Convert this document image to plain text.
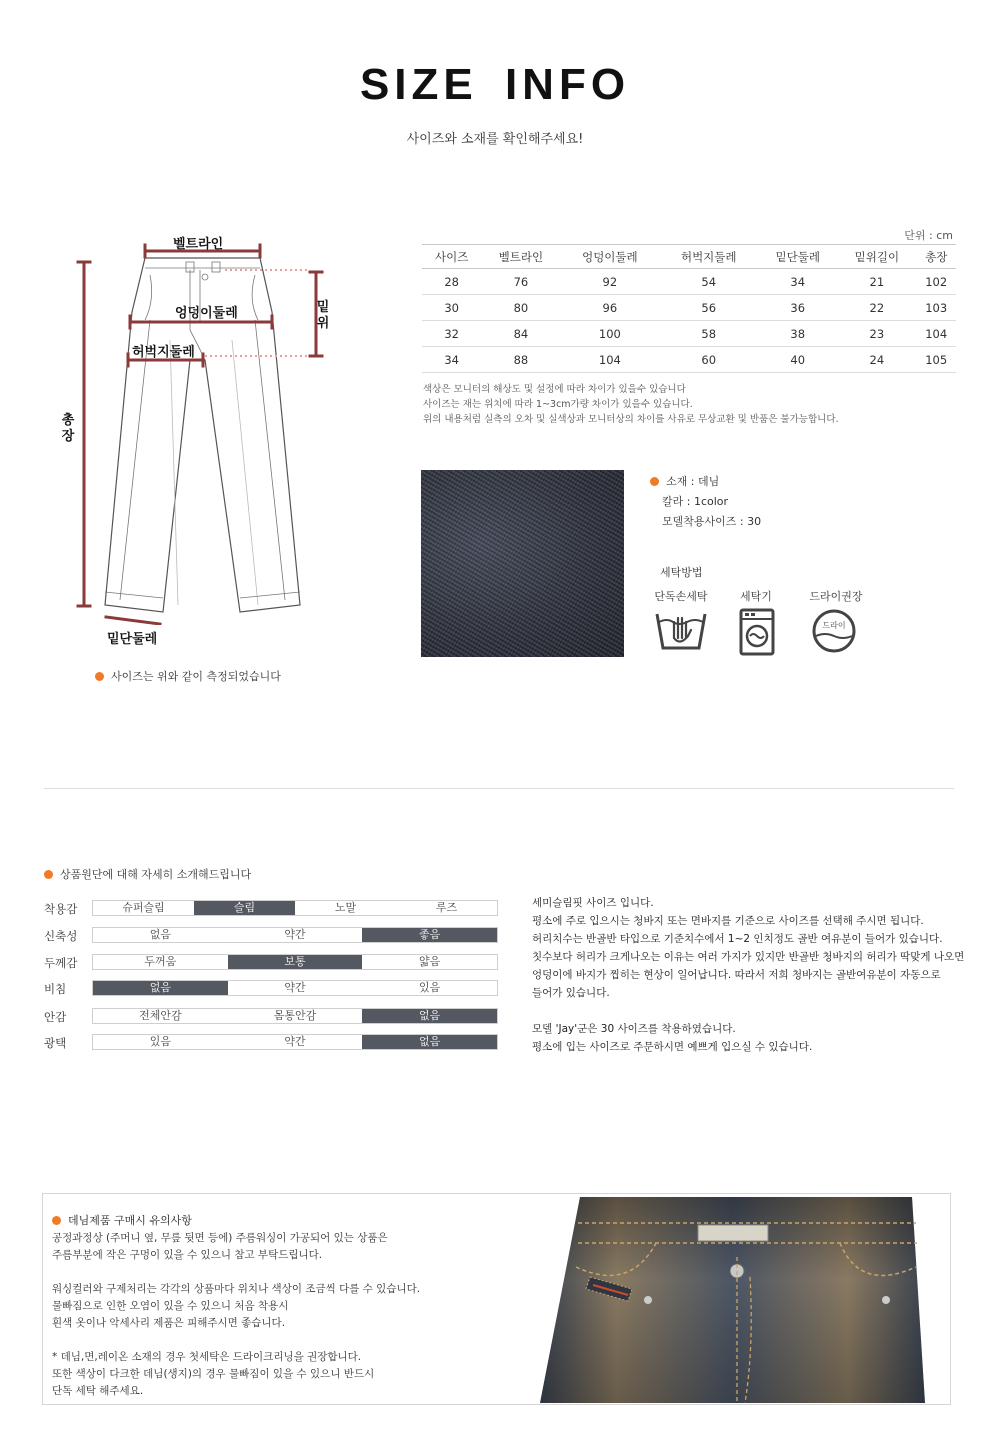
SIZE INFO
사이즈와 소재를 확인해주세요!
벨트라인
엉덩이둘레
허벅지둘레
밑
위
총
장
밑단둘레
사이즈는 위와 같이 측정되었습니다
단위 : cm
사이즈	벨트라인	엉덩이둘레	허벅지둘레	밑단둘레	밑위길이	총장
28	76	92	54	34	21	102
30	80	96	56	36	22	103
32	84	100	58	38	23	104
34	88	104	60	40	24	105
색상은 모니터의 해상도 및 설정에 따라 차이가 있을수 있습니다
사이즈는 재는 위치에 따라 1~3cm가량 차이가 있을수 있습니다.
위의 내용처럼 실측의 오차 및 실색상과 모니터상의 차이를 사유로 무상교환 및 반품은 불가능합니다.
소재 : 데님
칼라 : 1color
모델착용사이즈 : 30
세탁방법
단독손세탁	세탁기	드라이권장
드라이
상품원단에 대해 자세히 소개해드립니다
착용감	슈퍼슬림	슬림	노말	루즈
신축성	없음	약간	좋음
두께감	두꺼움	보통	얇음
비침	없음	약간	있음
안감	전체안감	몸통안감	없음
광택	있음	약간	없음
세미슬림핏 사이즈 입니다.
평소에 주로 입으시는 청바지 또는 면바지를 기준으로 사이즈를 선택해 주시면 됩니다.
허리치수는 반골반 타입으로 기준치수에서 1~2 인치정도 골반 여유분이 들어가 있습니다.
칫수보다 허리가 크게나오는 이유는 여러 가지가 있지만 반골반 청바지의 허리가 딱맞게 나오면
엉덩이에 바지가 찝히는 현상이 일어납니다. 따라서 저희 청바지는 골반여유분이 자동으로
들어가 있습니다.

모델 'Jay'군은 30 사이즈를 착용하였습니다.
평소에 입는 사이즈로 주문하시면 예쁘게 입으실 수 있습니다.
데님제품 구매시 유의사항
공정과정상 (주머니 옆, 무릎 뒷면 등에) 주름워싱이 가공되어 있는 상품은
주름부분에 작은 구멍이 있을 수 있으니 참고 부탁드립니다.

워싱컬러와 구제처리는 각각의 상품마다 위치나 색상이 조금씩 다를 수 있습니다.
물빠짐으로 인한 오염이 있을 수 있으니 처음 착용시
흰색 옷이나 악세사리 제품은 피해주시면 좋습니다.

* 데님,면,레이온 소재의 경우 첫세탁은 드라이크리닝을 권장합니다.
또한 색상이 다크한 데님(생지)의 경우 물빠짐이 있을 수 있으니 반드시
단독 세탁 해주세요.
